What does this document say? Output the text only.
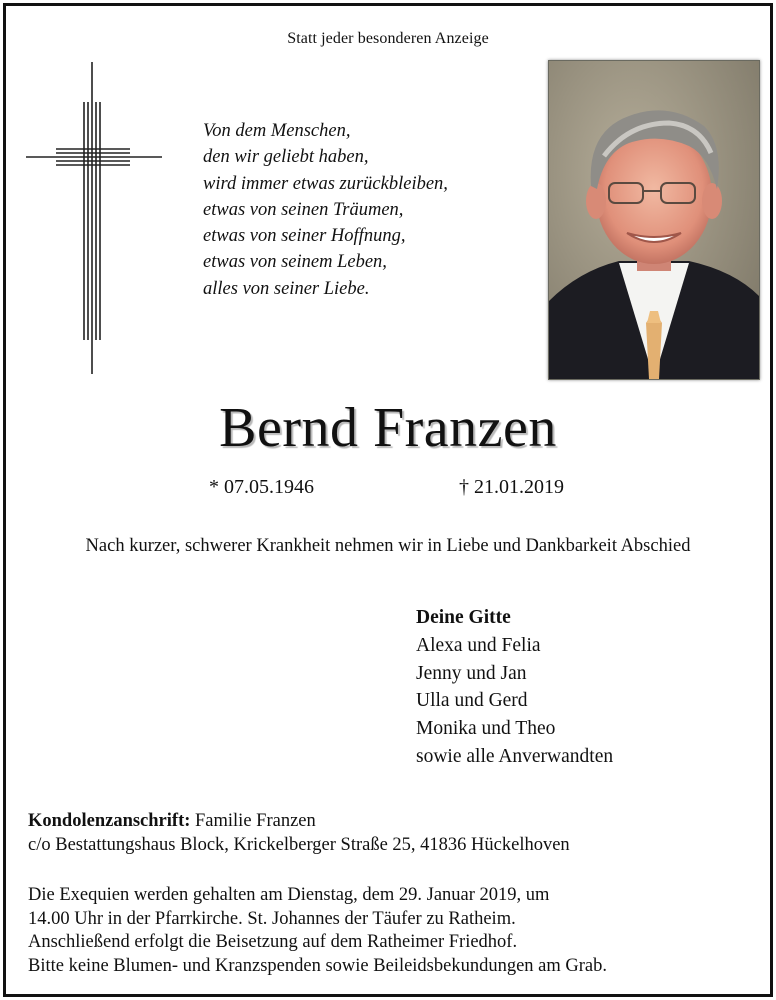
Statt jeder besonderen Anzeige
Von dem Menschen,
den wir geliebt haben,
wird immer etwas zurückbleiben,
etwas von seinen Träumen,
etwas von seiner Hoffnung,
etwas von seinem Leben,
alles von seiner Liebe.
Bernd Franzen
* 07.05.1946	† 21.01.2019
Nach kurzer, schwerer Krankheit nehmen wir in Liebe und Dankbarkeit Abschied
Deine Gitte
Alexa und Felia
Jenny und Jan
Ulla und Gerd
Monika und Theo
sowie alle Anverwandten
Kondolenzanschrift: Familie Franzen
c/o Bestattungshaus Block, Krickelberger Straße 25, 41836 Hückelhoven
Die Exequien werden gehalten am Dienstag, dem 29. Januar 2019, um
14.00 Uhr in der Pfarrkirche. St. Johannes der Täufer zu Ratheim.
Anschließend erfolgt die Beisetzung auf dem Ratheimer Friedhof.
Bitte keine Blumen- und Kranzspenden sowie Beileidsbekundungen am Grab.
